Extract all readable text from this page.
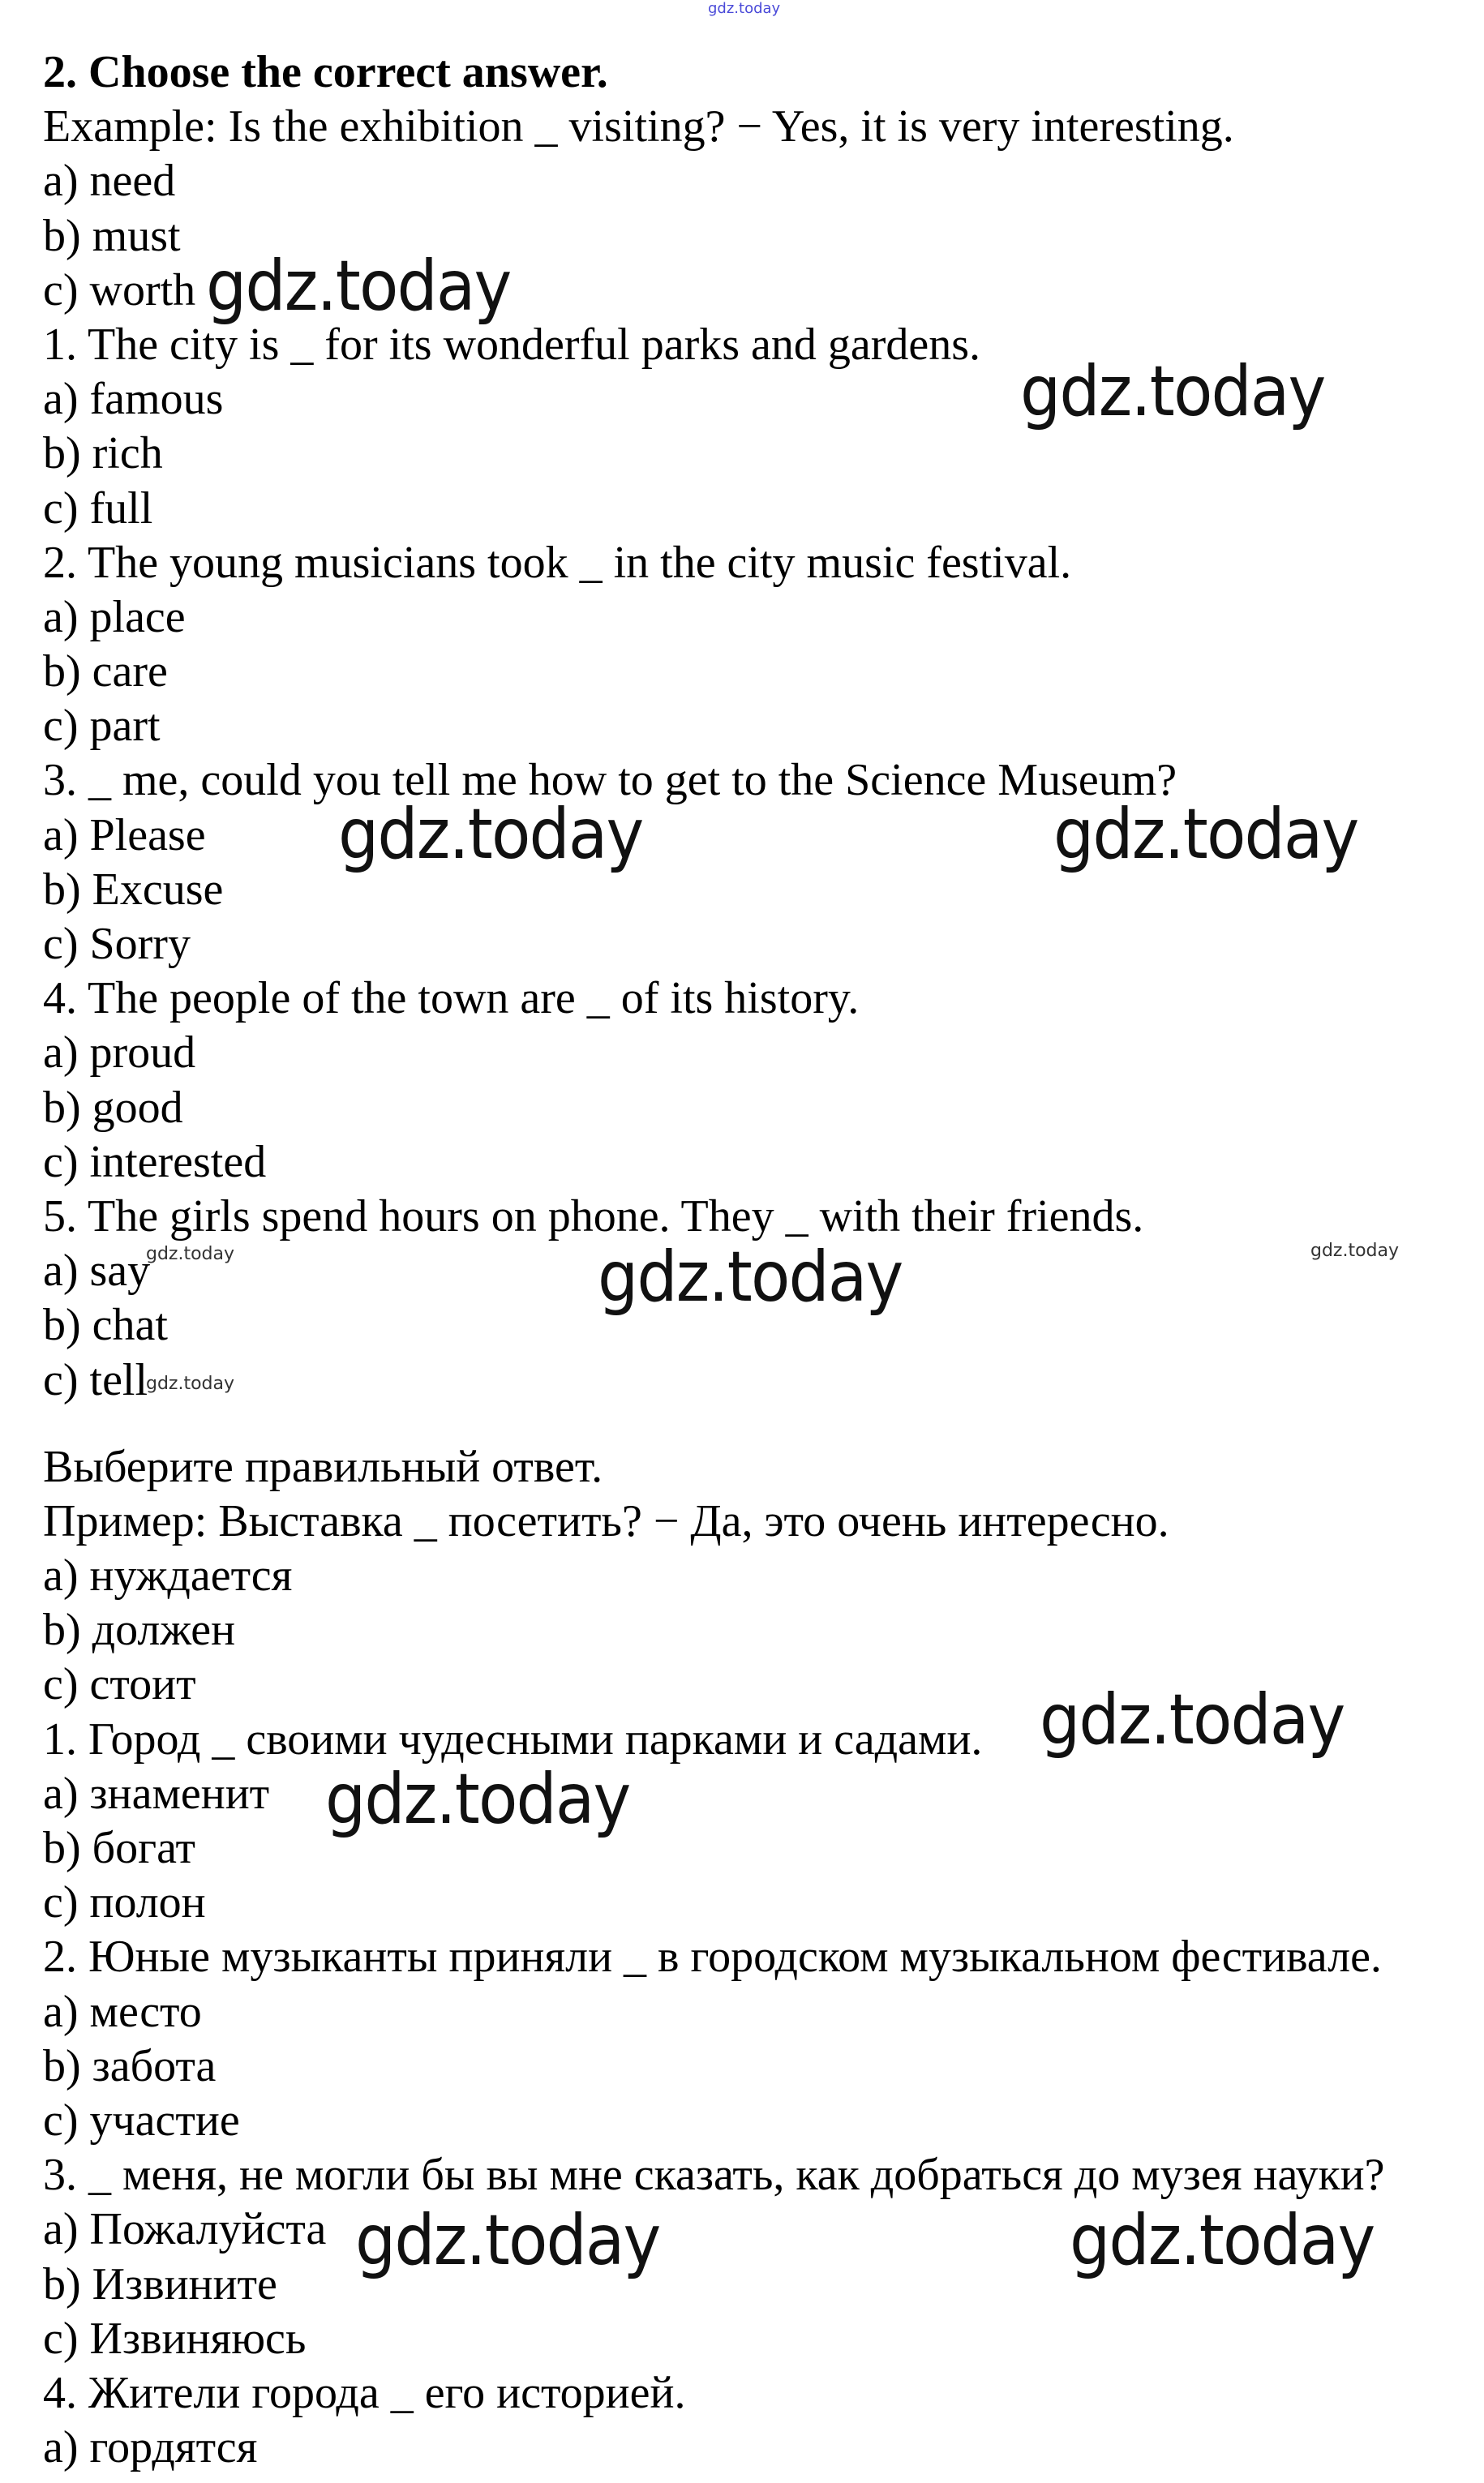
2. Choose the correct answer.
Example: Is the exhibition _ visiting? − Yes, it is very interesting.
a) need
b) must
c) worth
1. The city is _ for its wonderful parks and gardens.
a) famous
b) rich
c) full
2. The young musicians took _ in the city music festival.
a) place
b) care
c) part
3. _ me, could you tell me how to get to the Science Museum?
a) Please
b) Excuse
c) Sorry
4. The people of the town are _ of its history.
a) proud
b) good
c) interested
5. The girls spend hours on phone. They _ with their friends.
a) say
b) chat
c) tell
Выберите правильный ответ.
Пример: Выставка _ посетить? − Да, это очень интересно.
a) нуждается
b) должен
c) стоит
1. Город _ своими чудесными парками и садами.
a) знаменит
b) богат
c) полон
2. Юные музыканты приняли _ в городском музыкальном фестивале.
a) место
b) забота
c) участие
3. _ меня, не могли бы вы мне сказать, как добраться до музея науки?
a) Пожалуйста
b) Извините
c) Извиняюсь
4. Жители города _ его историей.
a) гордятся
gdz.today
gdz.today
gdz.today
gdz.today	gdz.today
gdz.today	gdz.today
gdz.today
gdz.today
gdz.today
gdz.today
gdz.today	gdz.today
